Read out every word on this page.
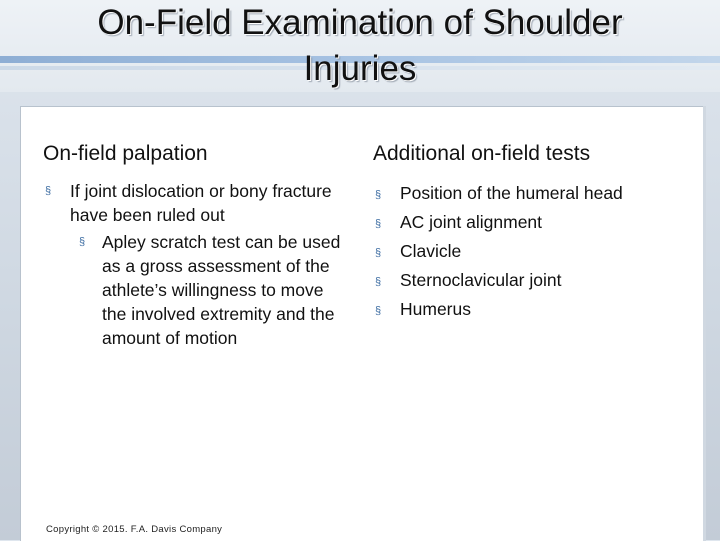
On-Field Examination of Shoulder Injuries
On-field palpation
§ If joint dislocation or bony fracture have been ruled out
§ Apley scratch test can be used as a gross assessment of the athlete’s willingness to move the involved extremity and the amount of motion
Additional on-field tests
§ Position of the humeral head
§ AC joint alignment
§ Clavicle
§ Sternoclavicular joint
§ Humerus
Copyright © 2015. F.A. Davis Company
